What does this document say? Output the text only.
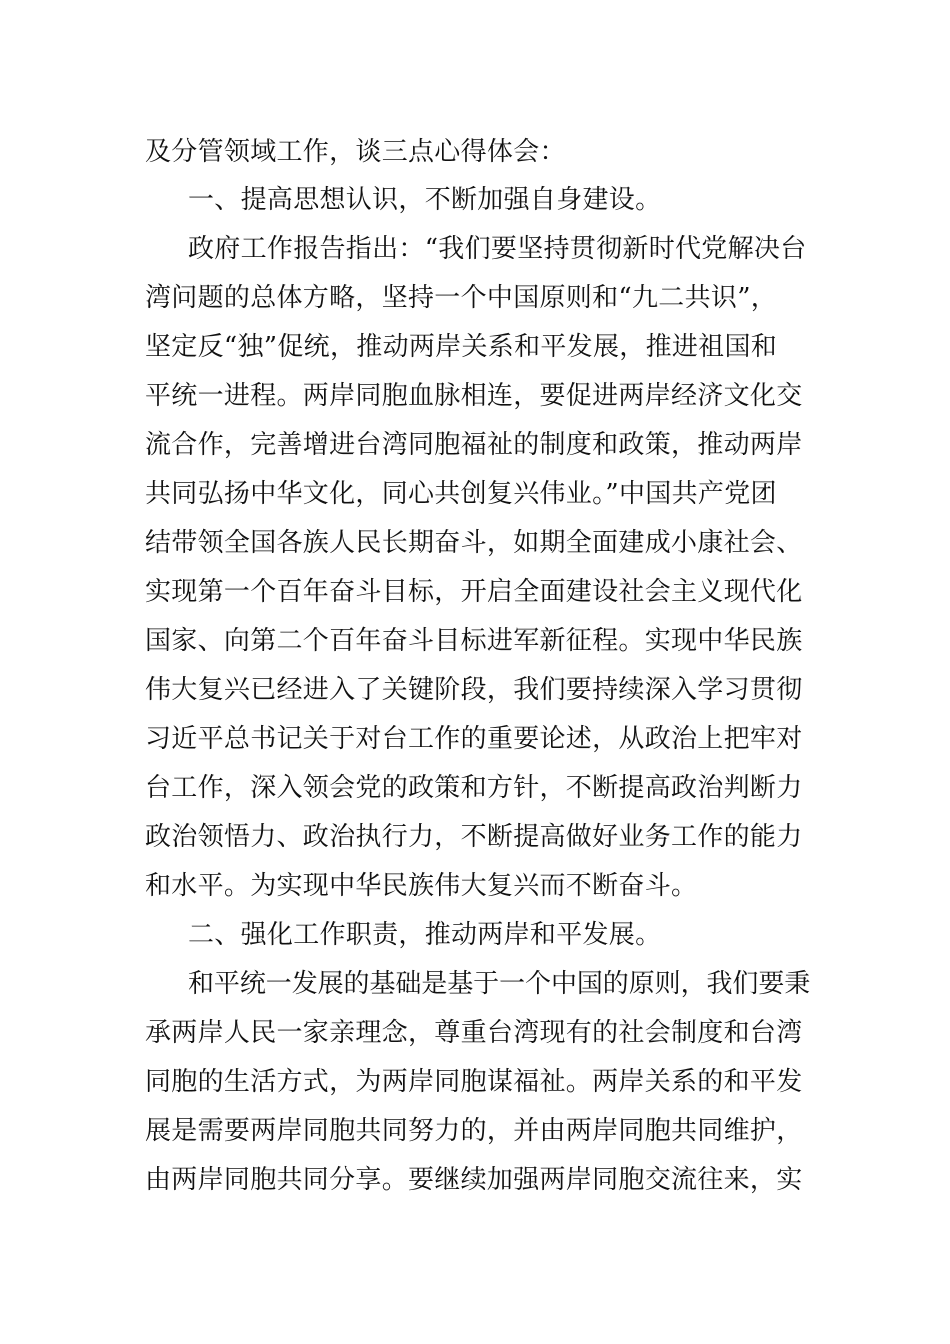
及分管领域工作，谈三点心得体会：
一、提高思想认识，不断加强自身建设。
政府工作报告指出：“我们要坚持贯彻新时代党解决台
湾问题的总体方略，坚持一个中国原则和“九二共识”，
坚定反“独”促统，推动两岸关系和平发展，推进祖国和
平统一进程。两岸同胞血脉相连，要促进两岸经济文化交
流合作，完善增进台湾同胞福祉的制度和政策，推动两岸
共同弘扬中华文化，同心共创复兴伟业。”中国共产党团
结带领全国各族人民长期奋斗，如期全面建成小康社会、
实现第一个百年奋斗目标，开启全面建设社会主义现代化
国家、向第二个百年奋斗目标进军新征程。实现中华民族
伟大复兴已经进入了关键阶段，我们要持续深入学习贯彻
习近平总书记关于对台工作的重要论述，从政治上把牢对
台工作，深入领会党的政策和方针，不断提高政治判断力
政治领悟力、政治执行力，不断提高做好业务工作的能力
和水平。为实现中华民族伟大复兴而不断奋斗。
二、强化工作职责，推动两岸和平发展。
和平统一发展的基础是基于一个中国的原则，我们要秉
承两岸人民一家亲理念，尊重台湾现有的社会制度和台湾
同胞的生活方式，为两岸同胞谋福祉。两岸关系的和平发
展是需要两岸同胞共同努力的，并由两岸同胞共同维护，
由两岸同胞共同分享。要继续加强两岸同胞交流往来，实
